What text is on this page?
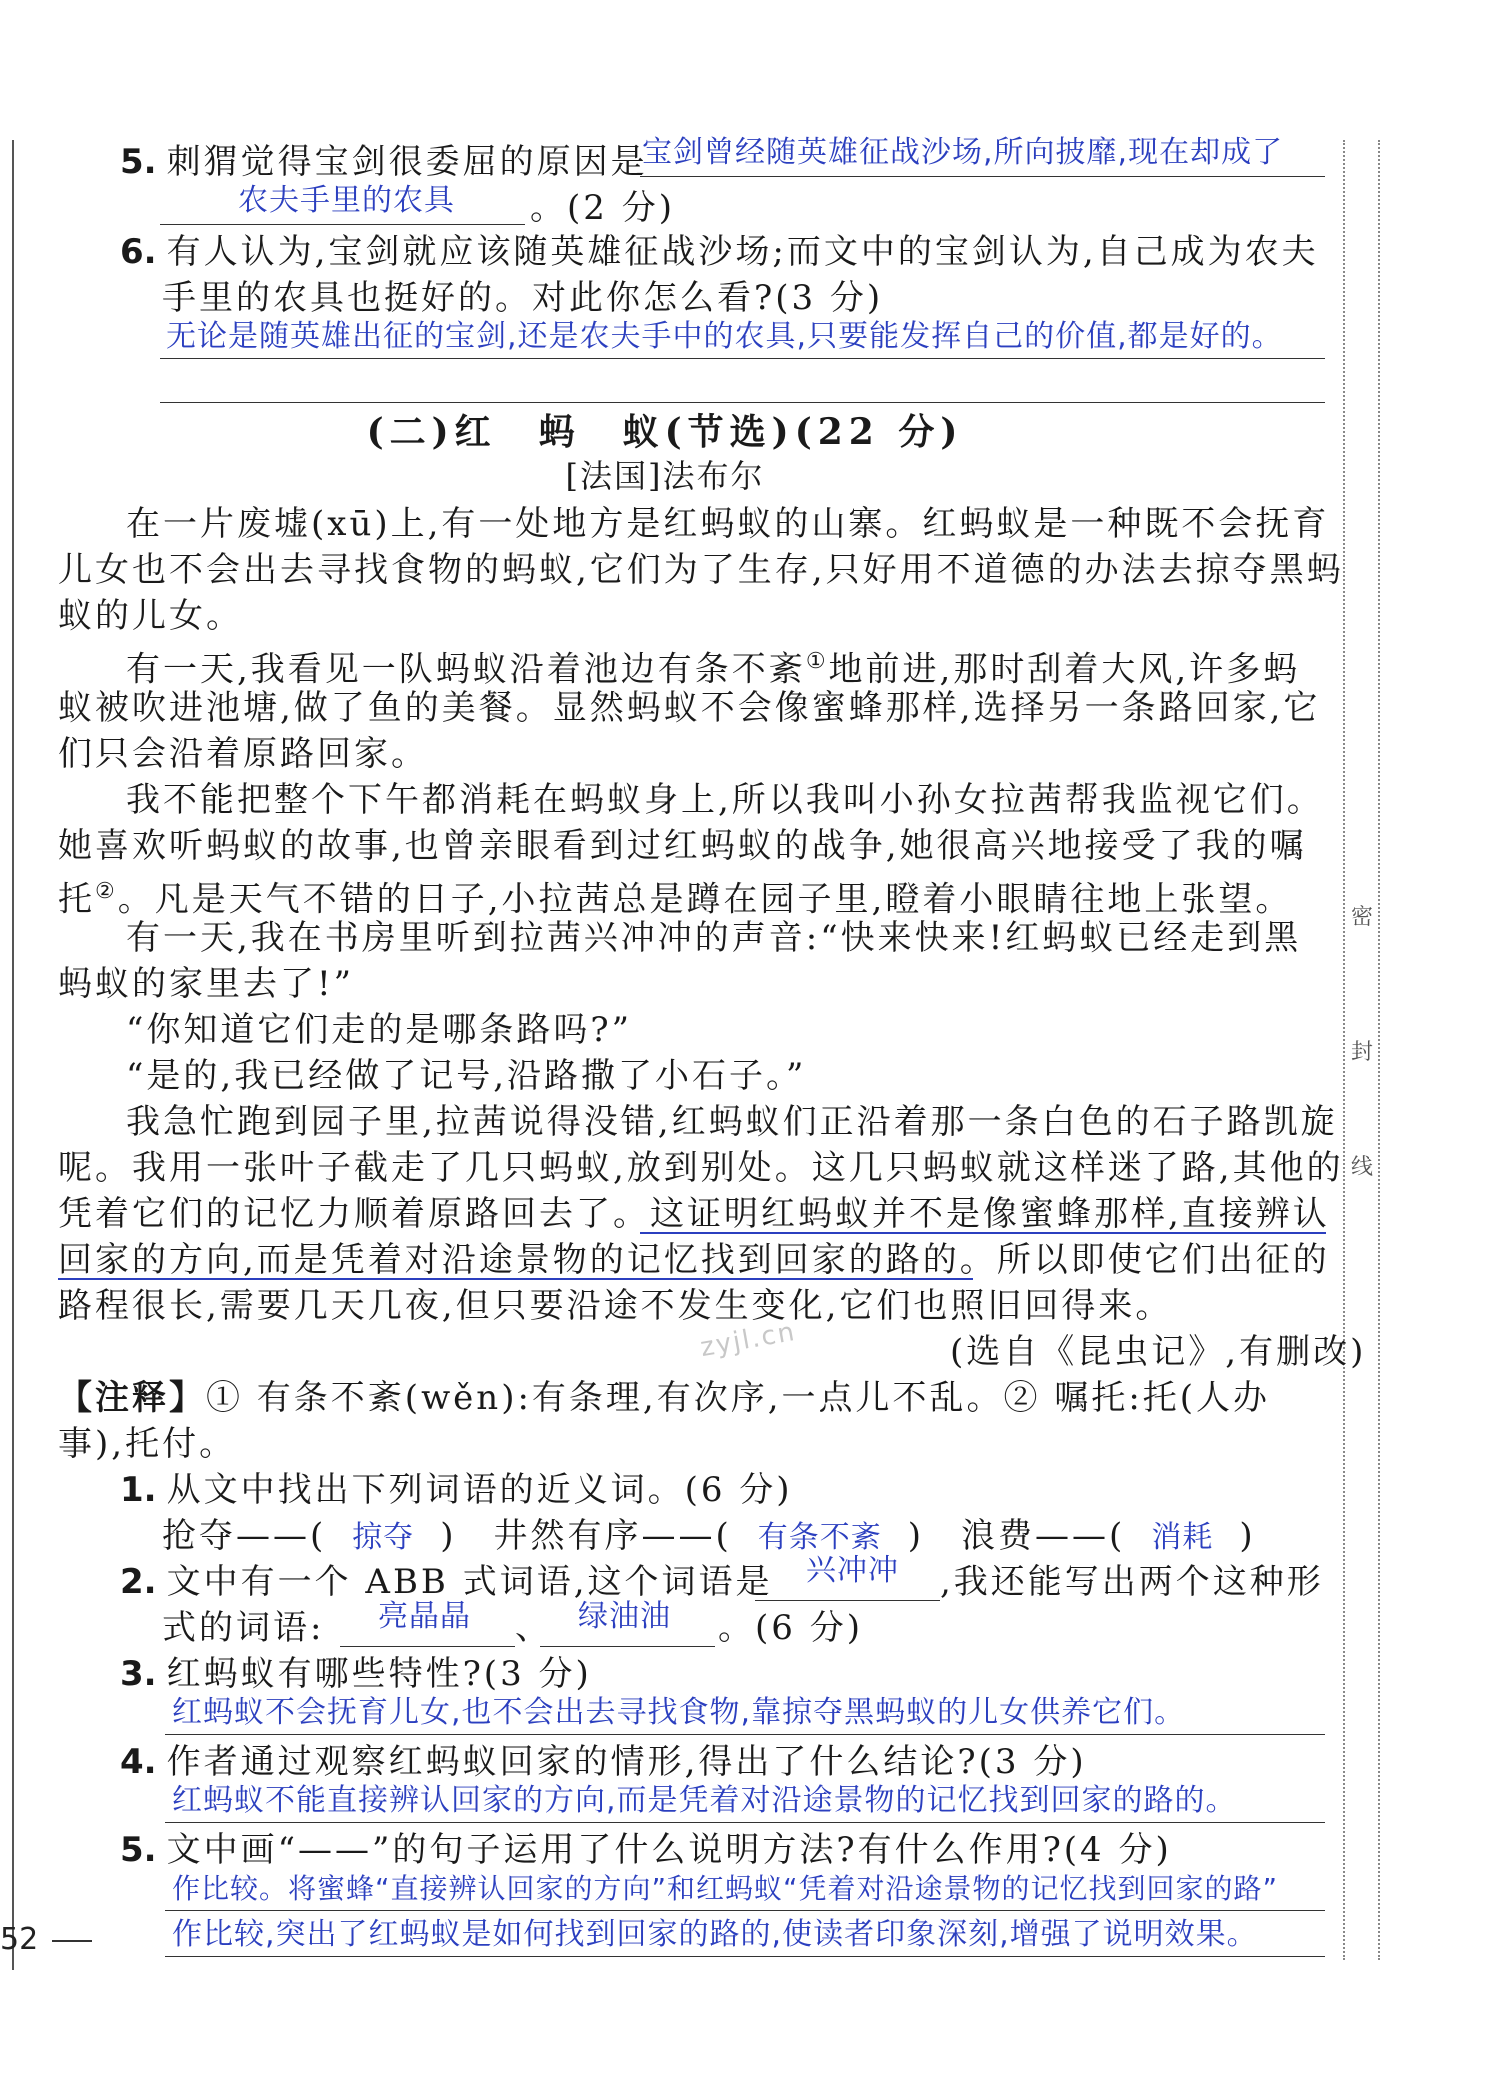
密
封
线
5. 刺猬觉得宝剑很委屈的原因是
宝剑曾经随英雄征战沙场,所向披靡,现在却成了
农夫手里的农具 。(2 分)
6. 有人认为,宝剑就应该随英雄征战沙场;而文中的宝剑认为,自己成为农夫
手里的农具也挺好的。对此你怎么看?(3 分)
无论是随英雄出征的宝剑,还是农夫手中的农具,只要能发挥自己的价值,都是好的。
(二)红　蚂　蚁(节选)(22 分)
[法国]法布尔
在一片废墟(xū)上,有一处地方是红蚂蚁的山寨。红蚂蚁是一种既不会抚育
儿女也不会出去寻找食物的蚂蚁,它们为了生存,只好用不道德的办法去掠夺黑蚂
蚁的儿女。
有一天,我看见一队蚂蚁沿着池边有条不紊①地前进,那时刮着大风,许多蚂
蚁被吹进池塘,做了鱼的美餐。显然蚂蚁不会像蜜蜂那样,选择另一条路回家,它
们只会沿着原路回家。
我不能把整个下午都消耗在蚂蚁身上,所以我叫小孙女拉茜帮我监视它们。
她喜欢听蚂蚁的故事,也曾亲眼看到过红蚂蚁的战争,她很高兴地接受了我的嘱
托②。凡是天气不错的日子,小拉茜总是蹲在园子里,瞪着小眼睛往地上张望。
有一天,我在书房里听到拉茜兴冲冲的声音:“快来快来!红蚂蚁已经走到黑
蚂蚁的家里去了!”
“你知道它们走的是哪条路吗?”
“是的,我已经做了记号,沿路撒了小石子。”
我急忙跑到园子里,拉茜说得没错,红蚂蚁们正沿着那一条白色的石子路凯旋
呢。我用一张叶子截走了几只蚂蚁,放到别处。这几只蚂蚁就这样迷了路,其他的
凭着它们的记忆力顺着原路回去了。这证明红蚂蚁并不是像蜜蜂那样,直接辨认
回家的方向,而是凭着对沿途景物的记忆找到回家的路的。所以即使它们出征的
路程很长,需要几天几夜,但只要沿途不发生变化,它们也照旧回得来。
(选自《昆虫记》,有删改)
zyjl.cn
【注释】① 有条不紊(wěn):有条理,有次序,一点儿不乱。② 嘱托:托(人办
事),托付。
1. 从文中找出下列词语的近义词。(6 分)
抢夺——( 掠夺 )　井然有序——( 有条不紊 )　浪费——( 消耗 )
2. 文中有一个 ABB 式词语,这个词语是 兴冲冲 ,我还能写出两个这种形
式的词语: 亮晶晶 、 绿油油 。(6 分)
3. 红蚂蚁有哪些特性?(3 分)
红蚂蚁不会抚育儿女,也不会出去寻找食物,靠掠夺黑蚂蚁的儿女供养它们。
4. 作者通过观察红蚂蚁回家的情形,得出了什么结论?(3 分)
红蚂蚁不能直接辨认回家的方向,而是凭着对沿途景物的记忆找到回家的路的。
5. 文中画“——”的句子运用了什么说明方法?有什么作用?(4 分)
作比较。将蜜蜂“直接辨认回家的方向”和红蚂蚁“凭着对沿途景物的记忆找到回家的路”
作比较,突出了红蚂蚁是如何找到回家的路的,使读者印象深刻,增强了说明效果。
52
